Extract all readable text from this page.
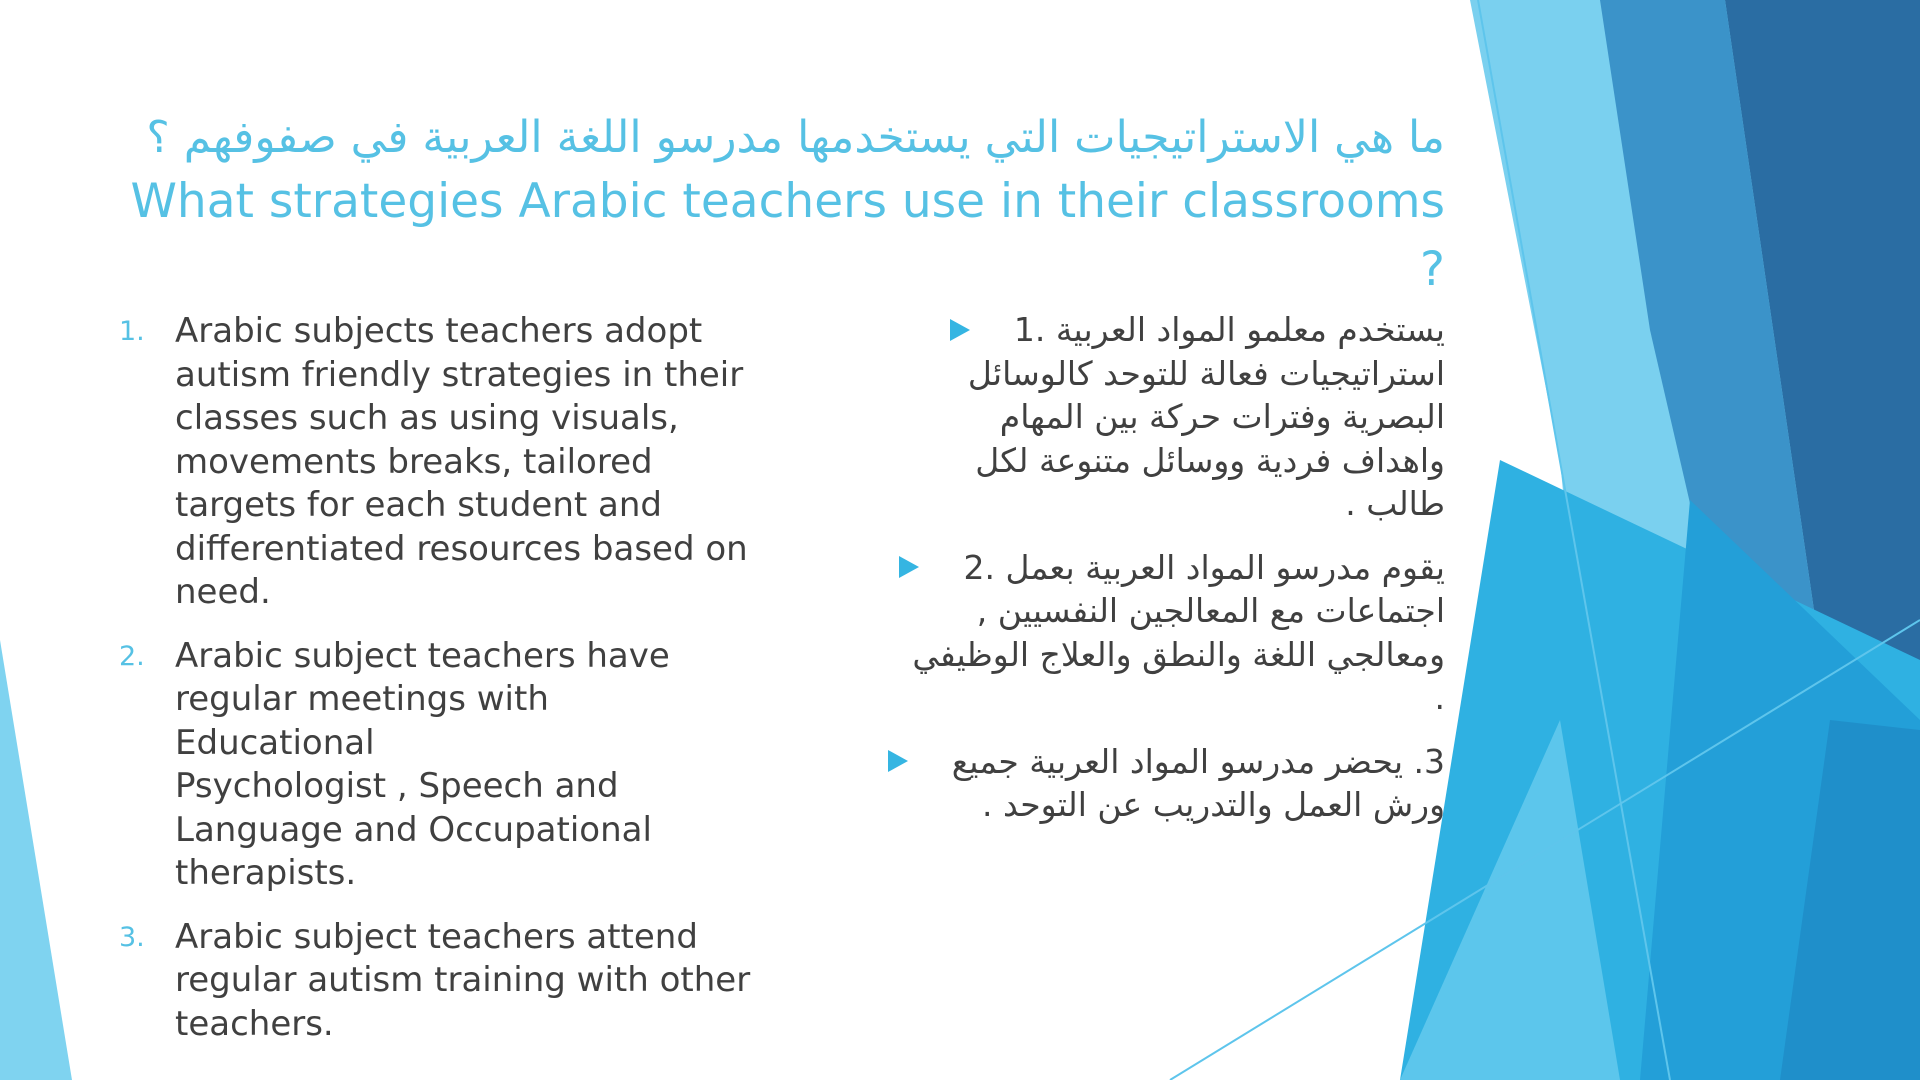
ما هي الاستراتيجيات التي يستخدمها مدرسو اللغة العربية في صفوفهم ؟
What strategies Arabic teachers use in their classrooms ?
1. Arabic subjects teachers adopt
autism friendly strategies in their
classes such as using visuals,
movements breaks, tailored
targets for each student and
differentiated resources based on
need.
2. Arabic subject teachers have
regular meetings with Educational
Psychologist , Speech and
Language and Occupational
therapists.
3. Arabic subject teachers attend
regular autism training with other
teachers.
يستخدم معلمو المواد العربية .1
استراتيجيات فعالة للتوحد كالوسائل
البصرية وفترات حركة بين المهام
واهداف فردية ووسائل متنوعة لكل
طالب .
يقوم مدرسو المواد العربية بعمل .2
اجتماعات مع المعالجين النفسيين ,
ومعالجي اللغة والنطق والعلاج الوظيفي
.
3. يحضر مدرسو المواد العربية جميع
ورش العمل والتدريب عن التوحد .
